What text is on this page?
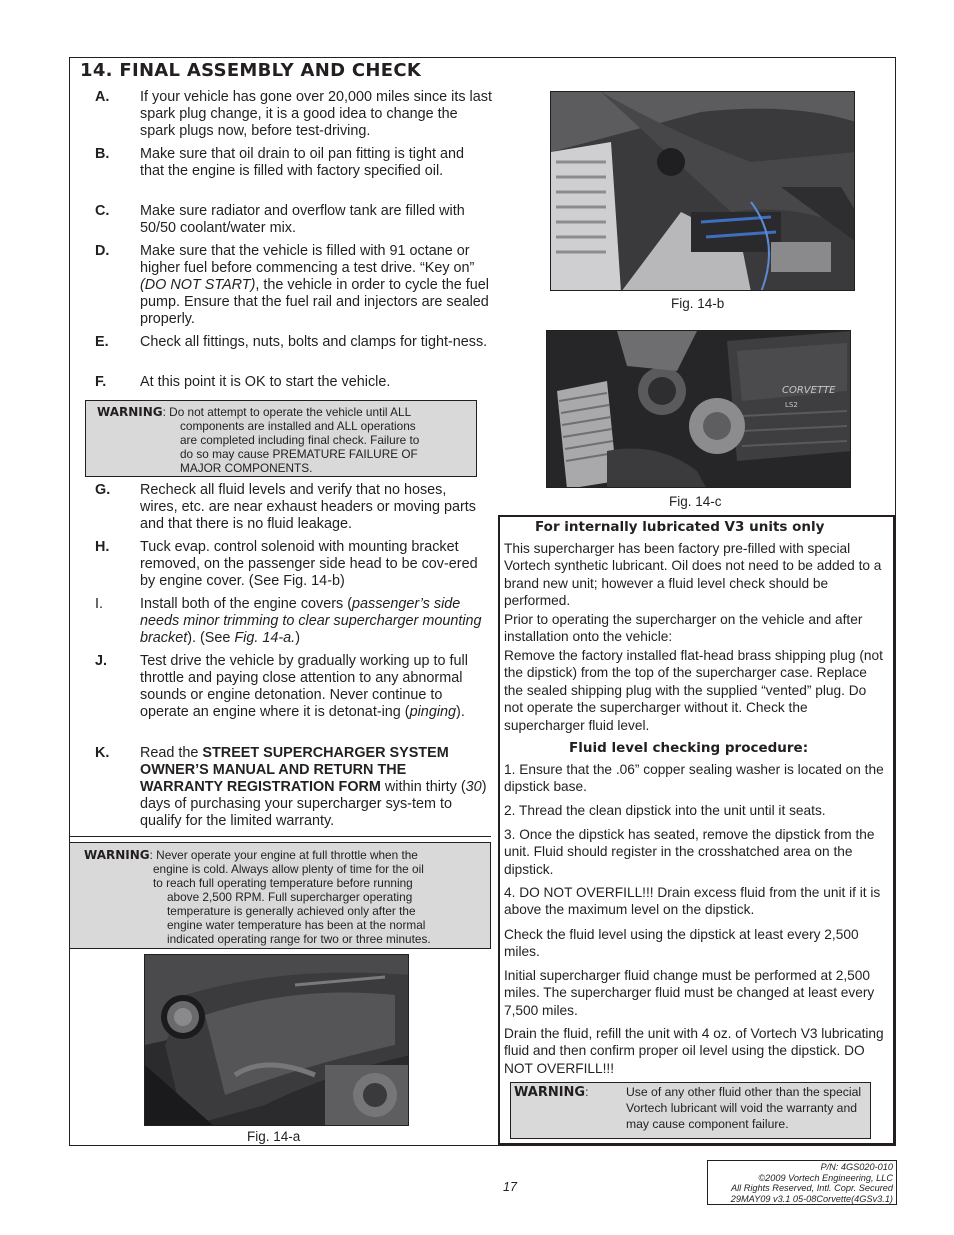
14. FINAL ASSEMBLY AND CHECK
A.	If your vehicle has gone over 20,000 miles since its last spark plug change, it is a good idea to change the spark plugs now, before test-driving.
B.	Make sure that oil drain to oil pan fitting is tight and that the engine is filled with factory specified oil.
C.	Make sure radiator and overflow tank are filled with 50/50 coolant/water mix.
D.	Make sure that the vehicle is filled with 91 octane or higher fuel before commencing a test drive. “Key on” (DO NOT START), the vehicle in order to cycle the fuel pump. Ensure that the fuel rail and injectors are sealed properly.
E.	Check all fittings, nuts, bolts and clamps for tight-ness.
F.	At this point it is OK to start the vehicle.
WARNING: Do not attempt to operate the vehicle until ALL
components are installed and ALL operations
are completed including final check. Failure to
do so may cause PREMATURE FAILURE OF
MAJOR COMPONENTS.
G.	Recheck all fluid levels and verify that no hoses, wires, etc. are near exhaust headers or moving parts and that there is no fluid leakage.
H.	Tuck evap. control solenoid with mounting bracket removed, on the passenger side head to be cov-ered by engine cover. (See Fig. 14-b)
I.	Install both of the engine covers (passenger’s side needs minor trimming to clear supercharger mounting bracket). (See Fig. 14-a.)
J.	Test drive the vehicle by gradually working up to full throttle and paying close attention to any abnormal sounds or engine detonation. Never continue to operate an engine where it is detonat-ing (pinging).
K.	Read the STREET SUPERCHARGER SYSTEM OWNER’S MANUAL AND RETURN THE WARRANTY REGISTRATION FORM within thirty (30) days of purchasing your supercharger sys-tem to qualify for the limited warranty.
WARNING: Never operate your engine at full throttle when the
engine is cold. Always allow plenty of time for the oil
to reach full operating temperature before running
above 2,500 RPM. Full supercharger operating
temperature is generally achieved only after the
engine water temperature has been at the normal
indicated operating range for two or three minutes.
Fig. 14-a
Fig. 14-b
CORVETTE
LS2
Fig. 14-c
For internally lubricated V3 units only
This supercharger has been factory pre-filled with special Vortech synthetic lubricant. Oil does not need to be added to a brand new unit; however a fluid level check should be performed.
Prior to operating the supercharger on the vehicle and after installation onto the vehicle:
Remove the factory installed flat-head brass shipping plug (not the dipstick) from the top of the supercharger case. Replace the sealed shipping plug with the supplied “vented” plug. Do not operate the supercharger without it. Check the supercharger fluid level.
Fluid level checking procedure:
1. Ensure that the .06” copper sealing washer is located on the dipstick base.
2. Thread the clean dipstick into the unit until it seats.
3. Once the dipstick has seated, remove the dipstick from the unit. Fluid should register in the crosshatched area on the dipstick.
4. DO NOT OVERFILL!!! Drain excess fluid from the unit if it is above the maximum level on the dipstick.
Check the fluid level using the dipstick at least every 2,500 miles.
Initial supercharger fluid change must be performed at 2,500 miles. The supercharger fluid must be changed at least every 7,500 miles.
Drain the fluid, refill the unit with 4 oz. of Vortech V3 lubricating fluid and then confirm proper oil level using the dipstick. DO NOT OVERFILL!!!
WARNING:	Use of any other fluid other than the special Vortech lubricant will void the warranty and may cause component failure.
17
P/N: 4GS020-010
©2009 Vortech Engineering, LLC
All Rights Reserved, Intl. Copr. Secured
29MAY09 v3.1 05-08Corvette(4GSv3.1)
